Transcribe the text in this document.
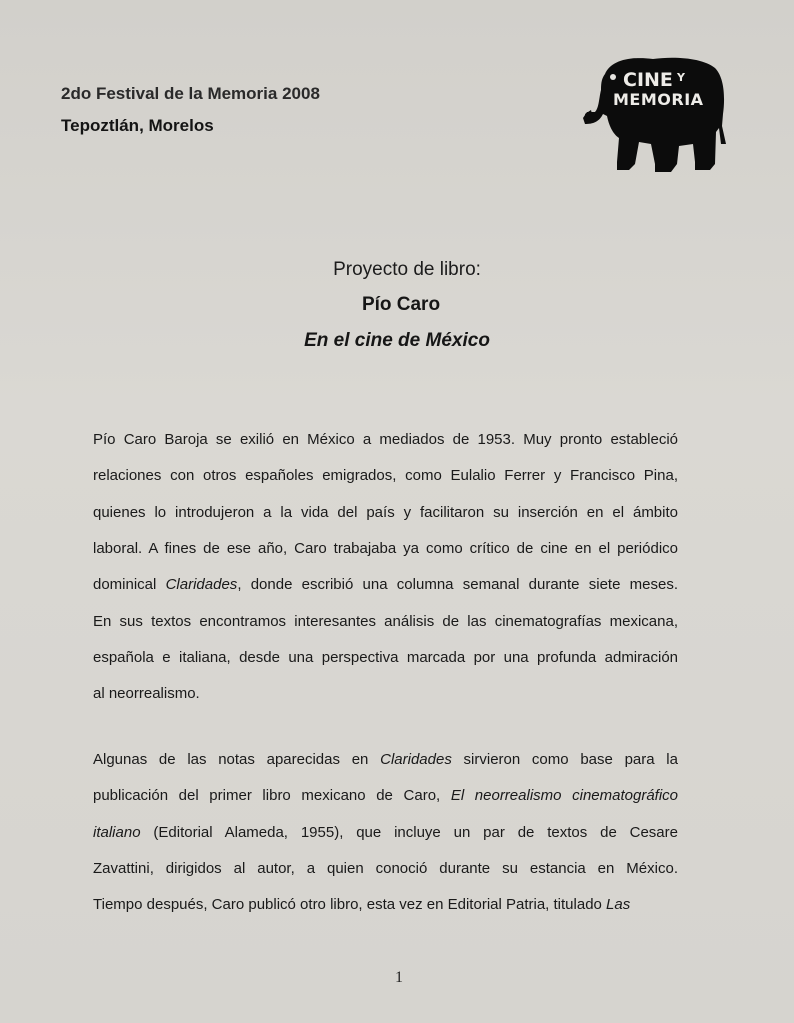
2do Festival de la Memoria 2008
Tepoztlán, Morelos
CINE Y
MEMORIA
Proyecto de libro:
Pío Caro
En el cine de México
Pío Caro Baroja se exilió en México a mediados de 1953. Muy pronto estableció
relaciones con otros españoles emigrados, como Eulalio Ferrer y Francisco Pina,
quienes lo introdujeron a la vida del país y facilitaron su inserción en el ámbito
laboral. A fines de ese año, Caro trabajaba ya como crítico de cine en el periódico
dominical Claridades, donde escribió una columna semanal durante siete meses.
En sus textos encontramos interesantes análisis de las cinematografías mexicana,
española e italiana, desde una perspectiva marcada por una profunda admiración
al neorrealismo.
Algunas de las notas aparecidas en Claridades sirvieron como base para la
publicación del primer libro mexicano de Caro, El neorrealismo cinematográfico
italiano (Editorial Alameda, 1955), que incluye un par de textos de Cesare
Zavattini, dirigidos al autor, a quien conoció durante su estancia en México.
Tiempo después, Caro publicó otro libro, esta vez en Editorial Patria, titulado Las
1
